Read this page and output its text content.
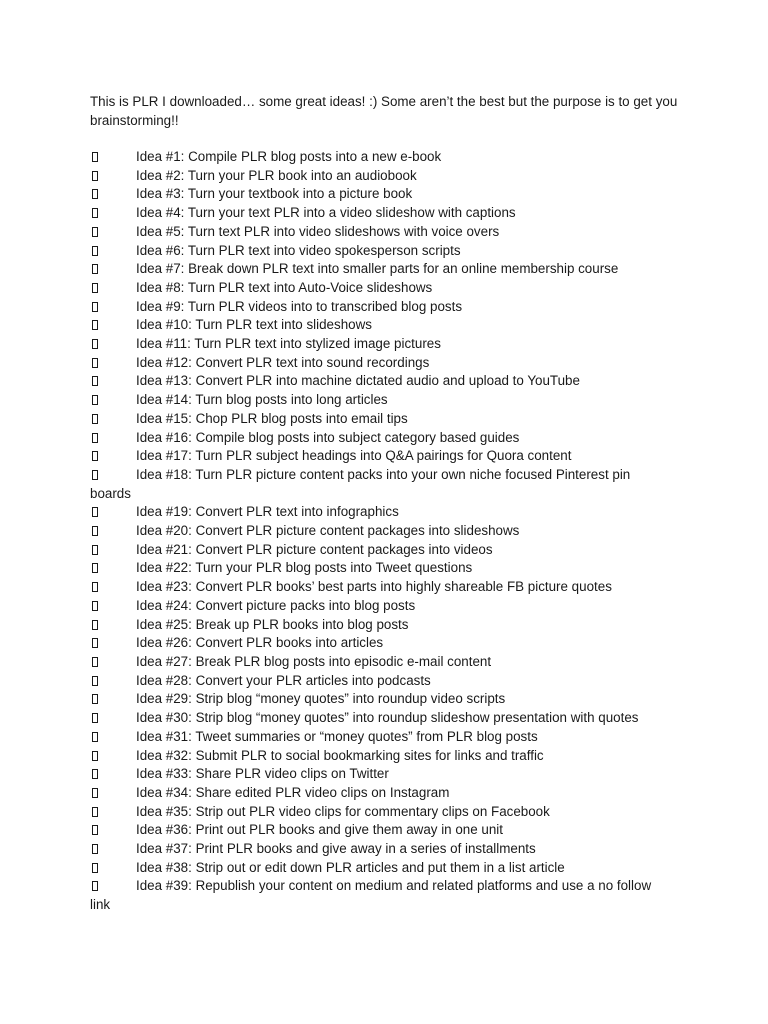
This is PLR I downloaded… some great ideas! :) Some aren’t the best but the purpose is to get you brainstorming!!

Idea #1: Compile PLR blog posts into a new e-book
Idea #2: Turn your PLR book into an audiobook
Idea #3: Turn your textbook into a picture book
Idea #4: Turn your text PLR into a video slideshow with captions
Idea #5: Turn text PLR into video slideshows with voice overs
Idea #6: Turn PLR text into video spokesperson scripts
Idea #7: Break down PLR text into smaller parts for an online membership course
Idea #8: Turn PLR text into Auto-Voice slideshows
Idea #9: Turn PLR videos into to transcribed blog posts
Idea #10: Turn PLR text into slideshows
Idea #11: Turn PLR text into stylized image pictures
Idea #12: Convert PLR text into sound recordings
Idea #13: Convert PLR into machine dictated audio and upload to YouTube
Idea #14: Turn blog posts into long articles
Idea #15: Chop PLR blog posts into email tips
Idea #16: Compile blog posts into subject category based guides
Idea #17: Turn PLR subject headings into Q&A pairings for Quora content
Idea #18: Turn PLR picture content packs into your own niche focused Pinterest pin
boards
Idea #19: Convert PLR text into infographics
Idea #20: Convert PLR picture content packages into slideshows
Idea #21: Convert PLR picture content packages into videos
Idea #22: Turn your PLR blog posts into Tweet questions
Idea #23: Convert PLR books’ best parts into highly shareable FB picture quotes
Idea #24: Convert picture packs into blog posts
Idea #25: Break up PLR books into blog posts
Idea #26: Convert PLR books into articles
Idea #27: Break PLR blog posts into episodic e-mail content
Idea #28: Convert your PLR articles into podcasts
Idea #29: Strip blog “money quotes” into roundup video scripts
Idea #30: Strip blog “money quotes” into roundup slideshow presentation with quotes
Idea #31: Tweet summaries or “money quotes” from PLR blog posts
Idea #32: Submit PLR to social bookmarking sites for links and traffic
Idea #33: Share PLR video clips on Twitter
Idea #34: Share edited PLR video clips on Instagram
Idea #35: Strip out PLR video clips for commentary clips on Facebook
Idea #36: Print out PLR books and give them away in one unit
Idea #37: Print PLR books and give away in a series of installments
Idea #38: Strip out or edit down PLR articles and put them in a list article
Idea #39: Republish your content on medium and related platforms and use a no follow
link
